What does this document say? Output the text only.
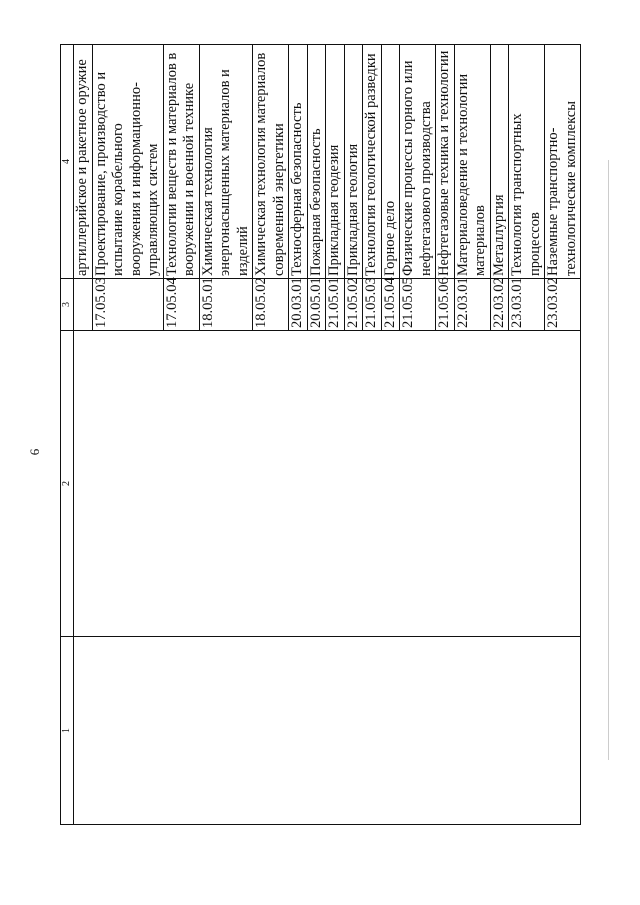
6
1	2	3	4
			артиллерийское и ракетное оружие
		17.05.03	Проектирование, производство и испытание корабельного вооружения и информационно-управляющих систем
		17.05.04	Технологии веществ и материалов в вооружении и военной технике
		18.05.01	Химическая технология энергонасыщенных материалов и изделий
		18.05.02	Химическая технология материалов современной энергетики
		20.03.01	Техносферная безопасность
		20.05.01	Пожарная безопасность
		21.05.01	Прикладная геодезия
		21.05.02	Прикладная геология
		21.05.03	Технология геологической разведки
		21.05.04	Горное дело
		21.05.05	Физические процессы горного или нефтегазового производства
		21.05.06	Нефтегазовые техника и технологии
		22.03.01	Материаловедение и технологии материалов
		22.03.02	Металлургия
		23.03.01	Технология транспортных процессов
		23.03.02	Наземные транспортно-технологические комплексы
